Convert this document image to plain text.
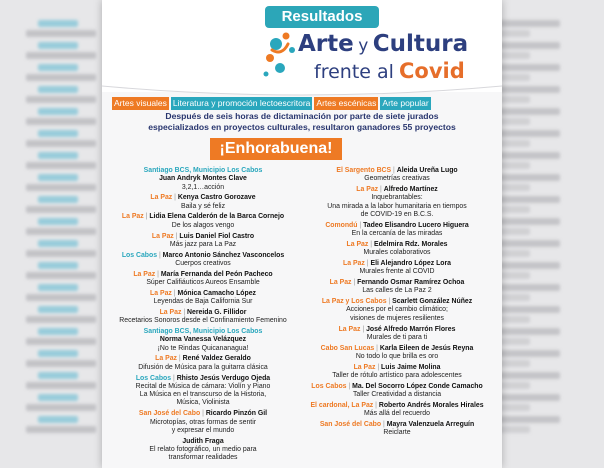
Resultados
Arte y Cultura
frente al Covid
Artes visuales Literatura y promoción lectoescritora Artes escénicas Arte popular
Después de seis horas de dictaminación por parte de siete jurados
especializados en proyectos culturales, resultaron ganadores 55 proyectos
¡Enhorabuena!
Santiago BCS, Municipio Los Cabos
Juan Andryk Montes Clave
3,2,1…acción
La Paz | Kenya Castro Gorozave
Baila y sé feliz
La Paz | Lidia Elena Calderón de la Barca Cornejo
De los alagos vengo
La Paz | Luis Daniel Fiol Castro
Más jazz para La Paz
Los Cabos | Marco Antonio Sánchez Vasconcelos
Cuerpos creativos
La Paz | María Fernanda del Peón Pacheco
Súper Califiáuticos Aureos Ensamble
La Paz | Mónica Camacho López
Leyendas de Baja California Sur
La Paz | Nereida G. Fillidor
Recetarios Sonoros desde el Confinamiento Femenino
Santiago BCS, Municipio Los Cabos
Norma Vanessa Velázquez
¡No te Rindas Quicananagua!
La Paz | René Valdez Geraldo
Difusión de Música para la guitarra clásica
Los Cabos | Rhisto Jesús Verdugo Ojeda
Recital de Música de cámara: Violín y Piano
La Música en el transcurso de la Historia,
Música, Violinista
San José del Cabo | Ricardo Pinzón Gil
Microtopías, otras formas de sentir
y expresar el mundo
Judith Fraga
El relato fotográfico, un medio para
transformar realidades
El Sargento BCS | Aleida Ureña Lugo
Geometrías creativas
La Paz | Alfredo Martínez
Inquebrantables:
Una mirada a la labor humanitaria en tiempos
de COVID-19 en B.C.S.
Comondú | Tadeo Elisandro Lucero Higuera
En la cercanía de las miradas
La Paz | Edelmira Rdz. Morales
Murales colaborativos
La Paz | Eli Alejandro López Lora
Murales frente al COVID
La Paz | Fernando Osmar Ramírez Ochoa
Las calles de La Paz 2
La Paz y Los Cabos | Scarlett González Núñez
Acciones por el cambio climático;
visiones de mujeres resilientes
La Paz | José Alfredo Marrón Flores
Murales de ti para ti
Cabo San Lucas | Karla Eileen de Jesús Reyna
No todo lo que brilla es oro
La Paz | Luis Jaime Molina
Taller de rótulo artístico para adolescentes
Los Cabos | Ma. Del Socorro López Conde Camacho
Taller Creatividad a distancia
El cardonal, La Paz | Roberto Andrés Morales Hirales
Más allá del recuerdo
San José del Cabo | Mayra Valenzuela Arreguín
Reiclarte
